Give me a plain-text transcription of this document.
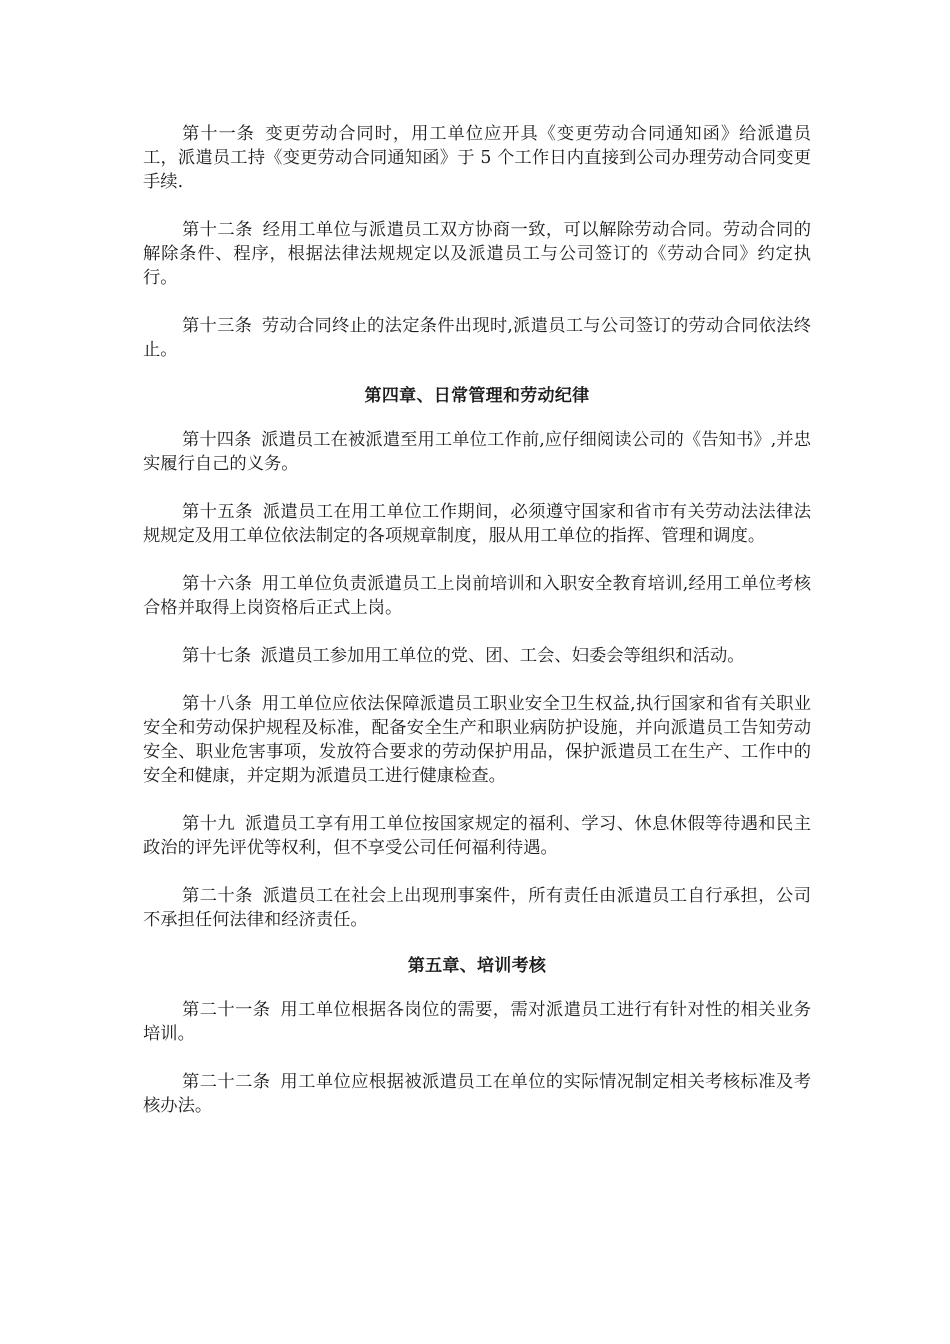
第十一条 变更劳动合同时，用工单位应开具《变更劳动合同通知函》给派遣员工，派遣员工持《变更劳动合同通知函》于 5 个工作日内直接到公司办理劳动合同变更手续.

第十二条 经用工单位与派遣员工双方协商一致，可以解除劳动合同。劳动合同的解除条件、程序，根据法律法规规定以及派遣员工与公司签订的《劳动合同》约定执行。

第十三条 劳动合同终止的法定条件出现时,派遣员工与公司签订的劳动合同依法终止。

第四章、日常管理和劳动纪律

第十四条 派遣员工在被派遣至用工单位工作前,应仔细阅读公司的《告知书》,并忠实履行自己的义务。

第十五条 派遣员工在用工单位工作期间，必须遵守国家和省市有关劳动法法律法规规定及用工单位依法制定的各项规章制度，服从用工单位的指挥、管理和调度。

第十六条 用工单位负责派遣员工上岗前培训和入职安全教育培训,经用工单位考核合格并取得上岗资格后正式上岗。

第十七条 派遣员工参加用工单位的党、团、工会、妇委会等组织和活动。

第十八条 用工单位应依法保障派遣员工职业安全卫生权益,执行国家和省有关职业安全和劳动保护规程及标准，配备安全生产和职业病防护设施，并向派遣员工告知劳动安全、职业危害事项，发放符合要求的劳动保护用品，保护派遣员工在生产、工作中的安全和健康，并定期为派遣员工进行健康检查。

第十九 派遣员工享有用工单位按国家规定的福利、学习、休息休假等待遇和民主政治的评先评优等权利，但不享受公司任何福利待遇。

第二十条 派遣员工在社会上出现刑事案件，所有责任由派遣员工自行承担，公司不承担任何法律和经济责任。

第五章、培训考核

第二十一条 用工单位根据各岗位的需要，需对派遣员工进行有针对性的相关业务培训。

第二十二条 用工单位应根据被派遣员工在单位的实际情况制定相关考核标准及考核办法。
